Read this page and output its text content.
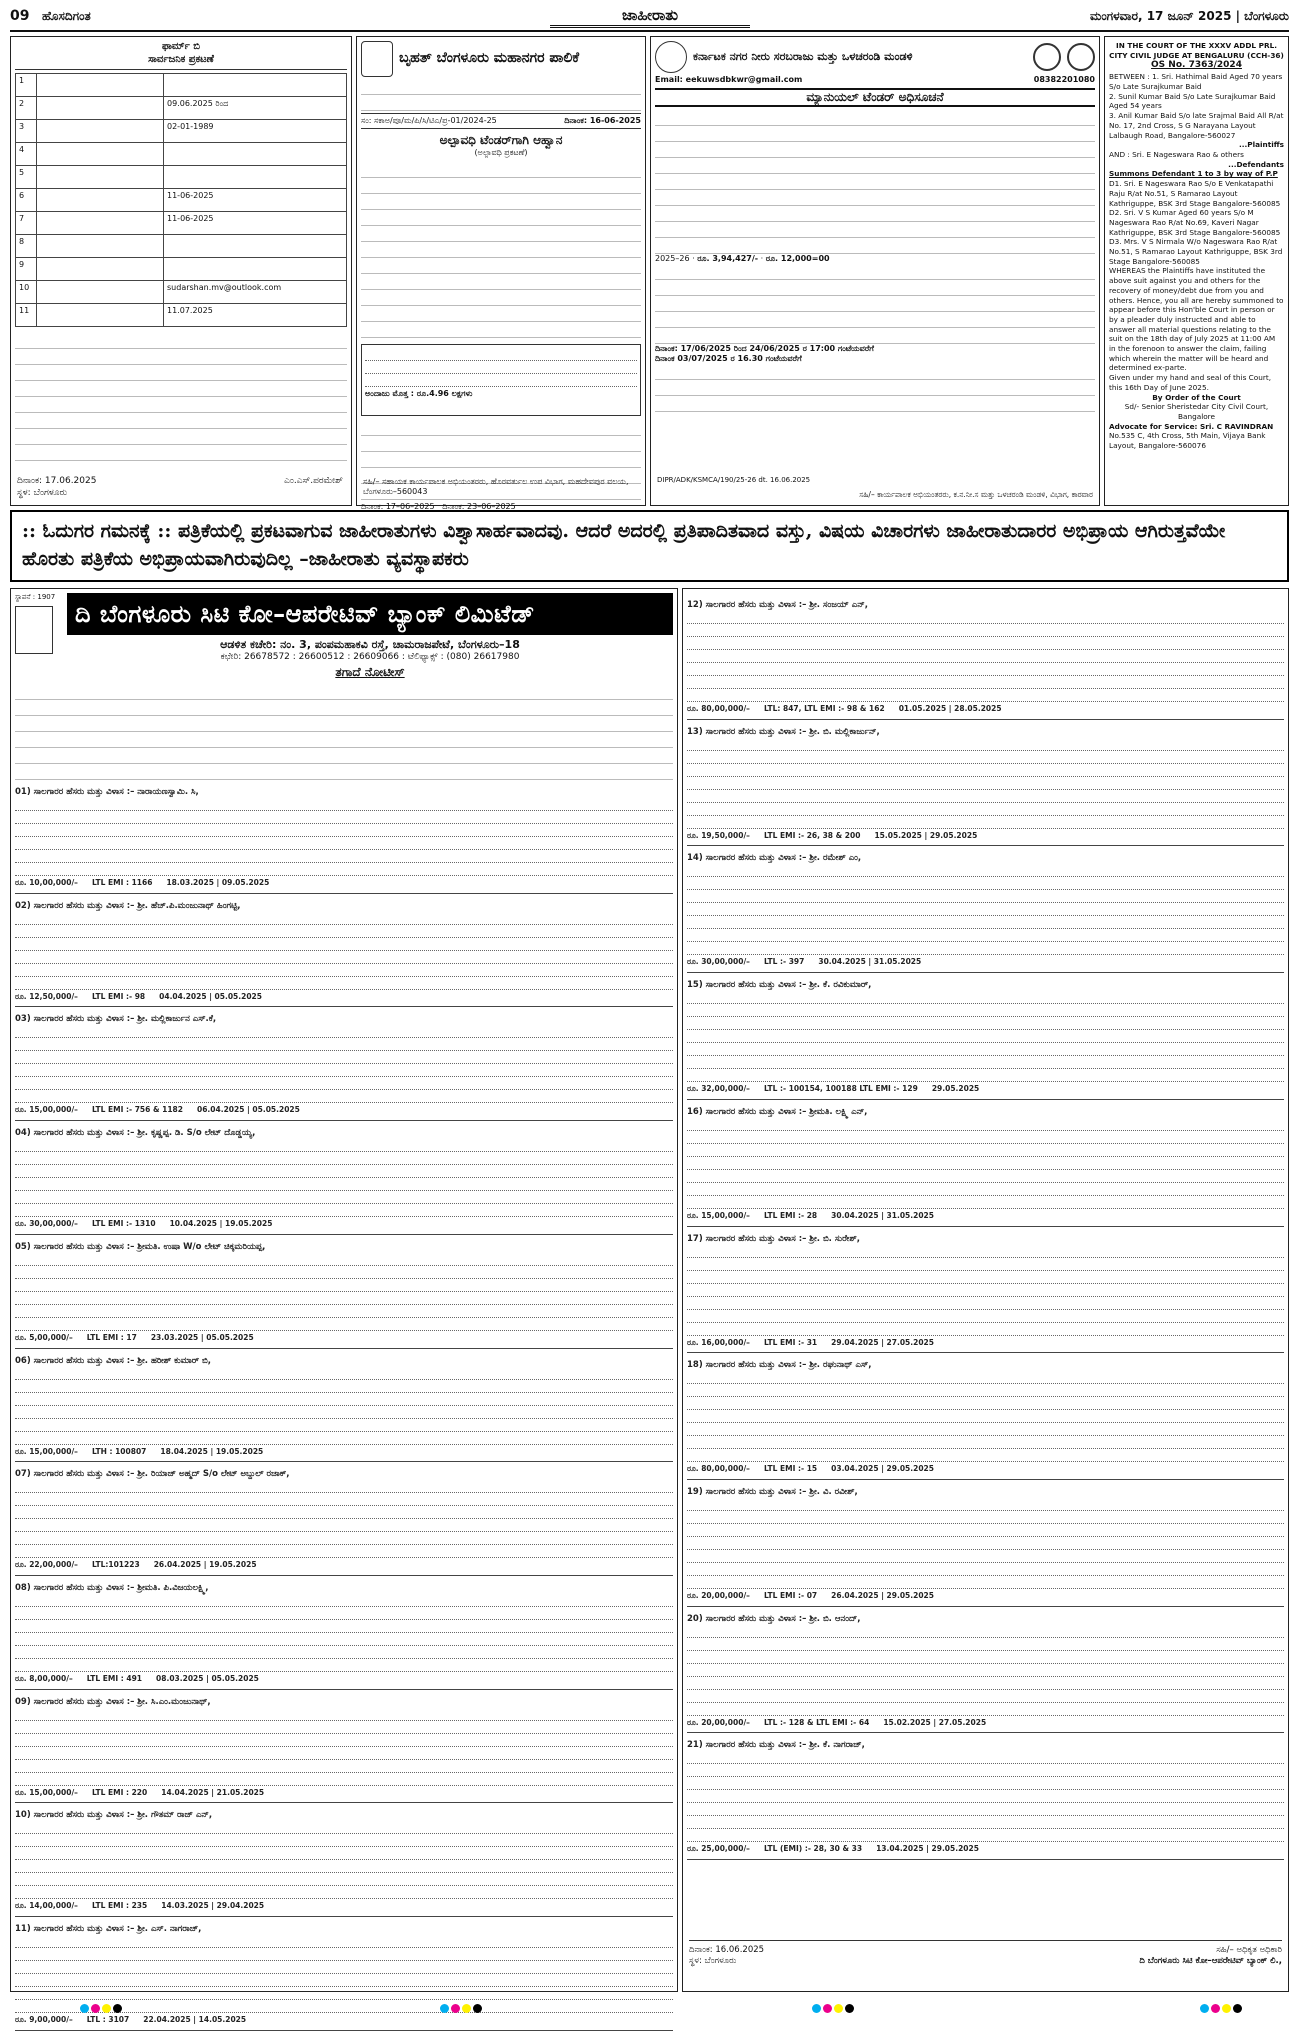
09 ಹೊಸದಿಗಂತ	ಜಾಹೀರಾತು	ಮಂಗಳವಾರ, 17 ಜೂನ್ 2025 | ಬೆಂಗಳೂರು
ಫಾರ್ಮ್ ಬಿ
ಸಾರ್ವಜನಿಕ ಪ್ರಕಟಣೆ
1		
2		09.06.2025 ರಿಂದ
3		02-01-1989
4		
5		
6		11-06-2025
7		11-06-2025
8		
9		
10		sudarshan.mv@outlook.com
11		11.07.2025
ದಿನಾಂಕ: 17.06.2025
ಸ್ಥಳ: ಬೆಂಗಳೂರು
ಎಂ.ಎಸ್.ಪರಮೇಶ್
ಬೃಹತ್ ಬೆಂಗಳೂರು ಮಹಾನಗರ ಪಾಲಿಕೆ
ಸಂ: ಸಕಾಅ/ಪೂ/ಮ/ಪಿ/ಸಿ/ಟಿಎ/ಪ್ರ-01/2024-25	ದಿನಾಂಕ: 16-06-2025
ಅಲ್ಪಾವಧಿ ಟೆಂಡರ್‌ಗಾಗಿ ಆಹ್ವಾನ
(ಅಲ್ಪಾವಧಿ ಪ್ರಕಟಣೆ)
ಅಂದಾಜು ಮೊತ್ತ : ರೂ.4.96 ಲಕ್ಷಗಳು
ದಿನಾಂಕ: 17–06–2025 ದಿನಾಂಕ: 23–06–2025
ಸಹಿ/– ಸಹಾಯಕ ಕಾರ್ಯಪಾಲಕ ಅಭಿಯಂತರರು, ಹೊರವರ್ತುಲ ಉಪ ವಿಭಾಗ, ಮಹದೇವಪುರ ವಲಯ, ಬೆಂಗಳೂರು–560043
ಕರ್ನಾಟಕ ನಗರ ನೀರು ಸರಬರಾಜು ಮತ್ತು ಒಳಚರಂಡಿ ಮಂಡಳಿ
Email: eekuwsdbkwr@gmail.com	08382201080
ಮ್ಯಾನುಯಲ್ ಟೆಂಡರ್ ಅಧಿಸೂಚನೆ
2025–26 · ರೂ. 3,94,427/- · ರೂ. 12,000=00
ದಿನಾಂಕ: 17/06/2025 ರಿಂದ 24/06/2025 ರ 17:00 ಗಂಟೆಯವರೆಗೆ
ದಿನಾಂಕ 03/07/2025 ರ 16.30 ಗಂಟೆಯವರೆಗೆ
DIPR/ADK/KSMCA/190/25-26 dt. 16.06.2025
ಸಹಿ/– ಕಾರ್ಯಪಾಲಕ ಅಭಿಯಂತರರು, ಕ.ನ.ನೀ.ಸ ಮತ್ತು ಒಳಚರಂಡಿ ಮಂಡಳಿ, ವಿಭಾಗ, ಕಾರವಾರ
IN THE COURT OF THE XXXV ADDL PRL. CITY CIVIL JUDGE AT BENGALURU (CCH-36)
OS No. 7363/2024
BETWEEN : 1. Sri. Hathimal Baid Aged 70 years S/o Late Surajkumar Baid
2. Sunil Kumar Baid S/o Late Surajkumar Baid Aged 54 years
3. Anil Kumar Baid S/o late Srajmal Baid All R/at No. 17, 2nd Cross, S G Narayana Layout Lalbaugh Road, Bangalore-560027
...Plaintiffs
AND : Sri. E Nageswara Rao & others
...Defendants
Summons Defendant 1 to 3 by way of P.P
D1. Sri. E Nageswara Rao S/o E Venkatapathi Raju R/at No.51, S Ramarao Layout Kathriguppe, BSK 3rd Stage Bangalore-560085
D2. Sri. V S Kumar Aged 60 years S/o M Nageswara Rao R/at No.69, Kaveri Nagar Kathriguppe, BSK 3rd Stage Bangalore-560085
D3. Mrs. V S Nirmala W/o Nageswara Rao R/at No.51, S Ramarao Layout Kathriguppe, BSK 3rd Stage Bangalore-560085
WHEREAS the Plaintiffs have instituted the above suit against you and others for the recovery of money/debt due from you and others. Hence, you all are hereby summoned to appear before this Hon'ble Court in person or by a pleader duly instructed and able to answer all material questions relating to the suit on the 18th day of July 2025 at 11:00 AM in the forenoon to answer the claim, failing which wherein the matter will be heard and determined ex-parte.
Given under my hand and seal of this Court, this 16th Day of June 2025.
By Order of the Court
Sd/- Senior Sheristedar City Civil Court, Bangalore
Advocate for Service: Sri. C RAVINDRAN
No.535 C, 4th Cross, 5th Main, Vijaya Bank Layout, Bangalore-560076
:: ಓದುಗರ ಗಮನಕ್ಕೆ :: ಪತ್ರಿಕೆಯಲ್ಲಿ ಪ್ರಕಟವಾಗುವ ಜಾಹೀರಾತುಗಳು ವಿಶ್ವಾಸಾರ್ಹವಾದವು. ಆದರೆ ಅದರಲ್ಲಿ ಪ್ರತಿಪಾದಿತವಾದ ವಸ್ತು, ವಿಷಯ ವಿಚಾರಗಳು ಜಾಹೀರಾತುದಾರರ ಅಭಿಪ್ರಾಯ ಆಗಿರುತ್ತವೆಯೇ ಹೊರತು ಪತ್ರಿಕೆಯ ಅಭಿಪ್ರಾಯವಾಗಿರುವುದಿಲ್ಲ –ಜಾಹೀರಾತು ವ್ಯವಸ್ಥಾಪಕರು
ಸ್ಥಾಪನೆ : 1907
ದಿ ಬೆಂಗಳೂರು ಸಿಟಿ ಕೋ–ಆಪರೇಟಿವ್ ಬ್ಯಾಂಕ್ ಲಿಮಿಟೆಡ್
ಆಡಳಿತ ಕಚೇರಿ: ನಂ. 3, ಪಂಪಮಹಾಕವಿ ರಸ್ತೆ, ಚಾಮರಾಜಪೇಟೆ, ಬೆಂಗಳೂರು–18
ಕಛೇರಿ: 26678572 : 26600512 : 26609066 : ಟೆಲಿಫ್ಯಾಕ್ಸ್ : (080) 26617980
ತಗಾದೆ ನೋಟೀಸ್
01) ಸಾಲಗಾರರ ಹೆಸರು ಮತ್ತು ವಿಳಾಸ :– ನಾರಾಯಣಸ್ವಾಮಿ. ಸಿ,
ರೂ. 10,00,000/– LTL EMI : 1166 18.03.2025 | 09.05.2025
02) ಸಾಲಗಾರರ ಹೆಸರು ಮತ್ತು ವಿಳಾಸ :– ಶ್ರೀ. ಹೆಚ್.ಪಿ.ಮಂಜುನಾಥ್ ಹಿಂಗಟ್ಟಿ,
ರೂ. 12,50,000/– LTL EMI :- 98 04.04.2025 | 05.05.2025
03) ಸಾಲಗಾರರ ಹೆಸರು ಮತ್ತು ವಿಳಾಸ :– ಶ್ರೀ. ಮಲ್ಲಿಕಾರ್ಜುನ ಎಸ್.ಕೆ,
ರೂ. 15,00,000/– LTL EMI :- 756 & 1182 06.04.2025 | 05.05.2025
04) ಸಾಲಗಾರರ ಹೆಸರು ಮತ್ತು ವಿಳಾಸ :– ಶ್ರೀ. ಕೃಷ್ಣಪ್ಪ. ಡಿ. S/o ಲೇಟ್ ದೊಡ್ಡಯ್ಯ,
ರೂ. 30,00,000/– LTL EMI :- 1310 10.04.2025 | 19.05.2025
05) ಸಾಲಗಾರರ ಹೆಸರು ಮತ್ತು ವಿಳಾಸ :– ಶ್ರೀಮತಿ. ಉಷಾ W/o ಲೇಟ್ ಚಿಕ್ಕಮರಿಯಪ್ಪ,
ರೂ. 5,00,000/– LTL EMI : 17 23.03.2025 | 05.05.2025
06) ಸಾಲಗಾರರ ಹೆಸರು ಮತ್ತು ವಿಳಾಸ :– ಶ್ರೀ. ಹರೀಶ್ ಕುಮಾರ್ ಬಿ,
ರೂ. 15,00,000/– LTH : 100807 18.04.2025 | 19.05.2025
07) ಸಾಲಗಾರರ ಹೆಸರು ಮತ್ತು ವಿಳಾಸ :– ಶ್ರೀ. ರಿಯಾಜ್ ಅಹ್ಮದ್ S/o ಲೇಟ್ ಅಬ್ದುಲ್ ರಜಾಕ್,
ರೂ. 22,00,000/– LTL:101223 26.04.2025 | 19.05.2025
08) ಸಾಲಗಾರರ ಹೆಸರು ಮತ್ತು ವಿಳಾಸ :– ಶ್ರೀಮತಿ. ಪಿ.ವಿಜಯಲಕ್ಷ್ಮಿ,
ರೂ. 8,00,000/– LTL EMI : 491 08.03.2025 | 05.05.2025
09) ಸಾಲಗಾರರ ಹೆಸರು ಮತ್ತು ವಿಳಾಸ :– ಶ್ರೀ. ಸಿ.ಎಂ.ಮಂಜುನಾಥ್,
ರೂ. 15,00,000/– LTL EMI : 220 14.04.2025 | 21.05.2025
10) ಸಾಲಗಾರರ ಹೆಸರು ಮತ್ತು ವಿಳಾಸ :– ಶ್ರೀ. ಗೌತಮ್ ರಾಜ್ ಎನ್,
ರೂ. 14,00,000/– LTL EMI : 235 14.03.2025 | 29.04.2025
11) ಸಾಲಗಾರರ ಹೆಸರು ಮತ್ತು ವಿಳಾಸ :– ಶ್ರೀ. ಎಸ್. ನಾಗರಾಜ್,
ರೂ. 9,00,000/– LTL : 3107 22.04.2025 | 14.05.2025
12) ಸಾಲಗಾರರ ಹೆಸರು ಮತ್ತು ವಿಳಾಸ :– ಶ್ರೀ. ಸಂಜಯ್ ಎನ್,
ರೂ. 80,00,000/– LTL: 847, LTL EMI :- 98 & 162 01.05.2025 | 28.05.2025
13) ಸಾಲಗಾರರ ಹೆಸರು ಮತ್ತು ವಿಳಾಸ :– ಶ್ರೀ. ಬಿ. ಮಲ್ಲಿಕಾರ್ಜುನ್,
ರೂ. 19,50,000/– LTL EMI :- 26, 38 & 200 15.05.2025 | 29.05.2025
14) ಸಾಲಗಾರರ ಹೆಸರು ಮತ್ತು ವಿಳಾಸ :– ಶ್ರೀ. ರಮೇಶ್ ಎಂ,
ರೂ. 30,00,000/– LTL :- 397 30.04.2025 | 31.05.2025
15) ಸಾಲಗಾರರ ಹೆಸರು ಮತ್ತು ವಿಳಾಸ :– ಶ್ರೀ. ಕೆ. ರವಿಕುಮಾರ್,
ರೂ. 32,00,000/– LTL :- 100154, 100188 LTL EMI :- 129 29.05.2025
16) ಸಾಲಗಾರರ ಹೆಸರು ಮತ್ತು ವಿಳಾಸ :– ಶ್ರೀಮತಿ. ಲಕ್ಷ್ಮಿ ಎನ್,
ರೂ. 15,00,000/– LTL EMI :- 28 30.04.2025 | 31.05.2025
17) ಸಾಲಗಾರರ ಹೆಸರು ಮತ್ತು ವಿಳಾಸ :– ಶ್ರೀ. ಬಿ. ಸುರೇಶ್,
ರೂ. 16,00,000/– LTL EMI :- 31 29.04.2025 | 27.05.2025
18) ಸಾಲಗಾರರ ಹೆಸರು ಮತ್ತು ವಿಳಾಸ :– ಶ್ರೀ. ರಘುನಾಥ್ ಎಸ್,
ರೂ. 80,00,000/– LTL EMI :- 15 03.04.2025 | 29.05.2025
19) ಸಾಲಗಾರರ ಹೆಸರು ಮತ್ತು ವಿಳಾಸ :– ಶ್ರೀ. ವಿ. ರವೀಶ್,
ರೂ. 20,00,000/– LTL EMI :- 07 26.04.2025 | 29.05.2025
20) ಸಾಲಗಾರರ ಹೆಸರು ಮತ್ತು ವಿಳಾಸ :– ಶ್ರೀ. ಬಿ. ಆನಂದ್,
ರೂ. 20,00,000/– LTL :- 128 & LTL EMI :- 64 15.02.2025 | 27.05.2025
21) ಸಾಲಗಾರರ ಹೆಸರು ಮತ್ತು ವಿಳಾಸ :– ಶ್ರೀ. ಕೆ. ನಾಗರಾಜ್,
ರೂ. 25,00,000/– LTL (EMI) :- 28, 30 & 33 13.04.2025 | 29.05.2025
ದಿನಾಂಕ: 16.06.2025	ಸಹಿ/– ಅಧಿಕೃತ ಅಧಿಕಾರಿ
ಸ್ಥಳ: ಬೆಂಗಳೂರು	ದಿ ಬೆಂಗಳೂರು ಸಿಟಿ ಕೋ–ಆಪರೇಟಿವ್ ಬ್ಯಾಂಕ್ ಲಿ.,
